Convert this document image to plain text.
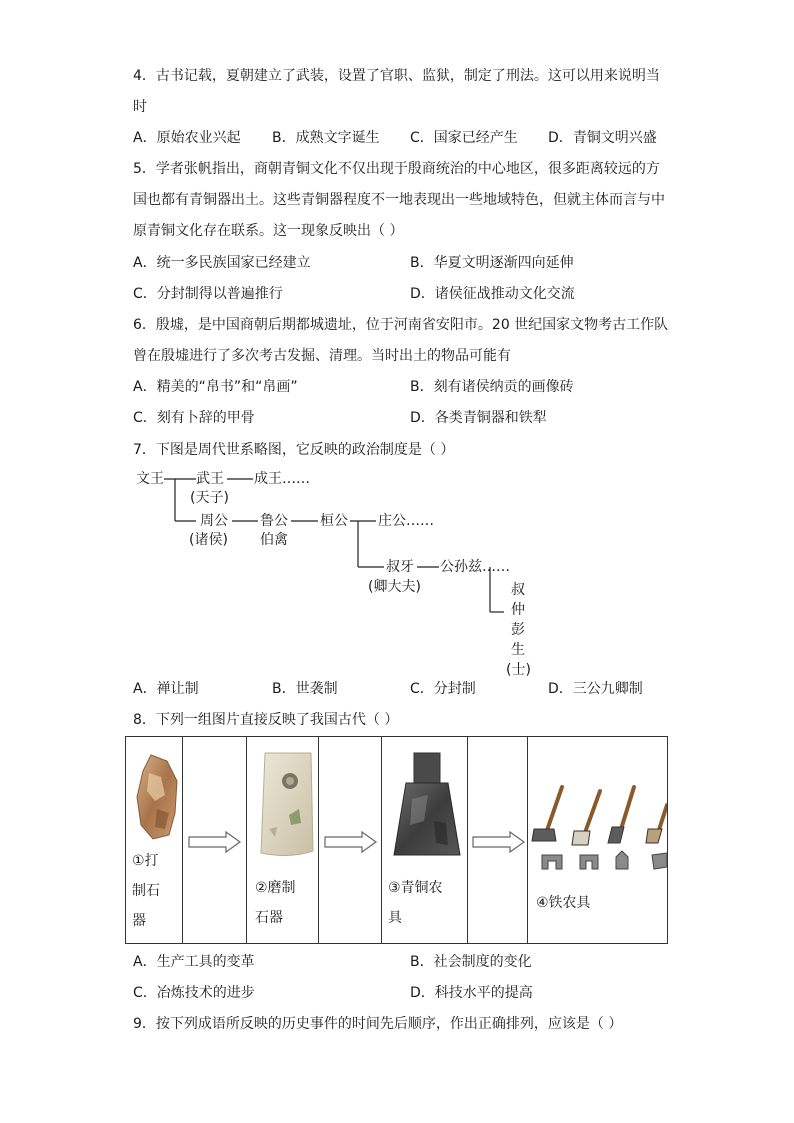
4．古书记载，夏朝建立了武装，设置了官职、监狱，制定了刑法。这可以用来说明当
时
A．原始农业兴起 B．成熟文字诞生 C．国家已经产生 D．青铜文明兴盛
5．学者张帆指出，商朝青铜文化不仅出现于殷商统治的中心地区，很多距离较远的方
国也都有青铜器出土。这些青铜器程度不一地表现出一些地域特色，但就主体而言与中
原青铜文化存在联系。这一现象反映出（ ）
A．统一多民族国家已经建立	B．华夏文明逐渐四向延伸
C．分封制得以普遍推行	D．诸侯征战推动文化交流
6．殷墟，是中国商朝后期都城遗址，位于河南省安阳市。20 世纪国家文物考古工作队
曾在殷墟进行了多次考古发掘、清理。当时出土的物品可能有
A．精美的“帛书”和“帛画”	B．刻有诸侯纳贡的画像砖
C．刻有卜辞的甲骨	D．各类青铜器和铁犁
7．下图是周代世系略图，它反映的政治制度是（ ）
文王 武王 成王……
(天子)
周公
(诸侯)
鲁公
伯禽
桓公 庄公……
叔牙 公孙兹……
(卿大夫)	叔
仲
彭
生
(士)
A．禅让制	B．世袭制	C．分封制	D．三公九卿制
8．下列一组图片直接反映了我国古代（ ）
①打
制石
器
②磨制
石器
③青铜农
具
④铁农具
A．生产工具的变革	B．社会制度的变化
C．冶炼技术的进步	D．科技水平的提高
9．按下列成语所反映的历史事件的时间先后顺序，作出正确排列，应该是（ ）
